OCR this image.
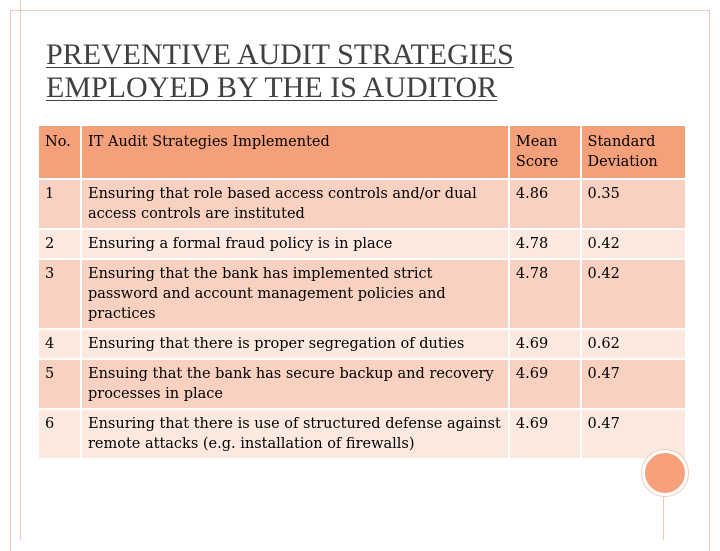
PREVENTIVE AUDIT STRATEGIES
EMPLOYED BY THE IS AUDITOR
No.	IT Audit Strategies Implemented	Mean Score	Standard Deviation
1	Ensuring that role based access controls and/or dual access controls are instituted	4.86	0.35
2	Ensuring a formal fraud policy is in place	4.78	0.42
3	Ensuring that the bank has implemented strict password and account management policies and practices	4.78	0.42
4	Ensuring that there is proper segregation of duties	4.69	0.62
5	Ensuing that the bank has secure backup and recovery processes in place	4.69	0.47
6	Ensuring that there is use of structured defense against remote attacks (e.g. installation of firewalls)	4.69	0.47
